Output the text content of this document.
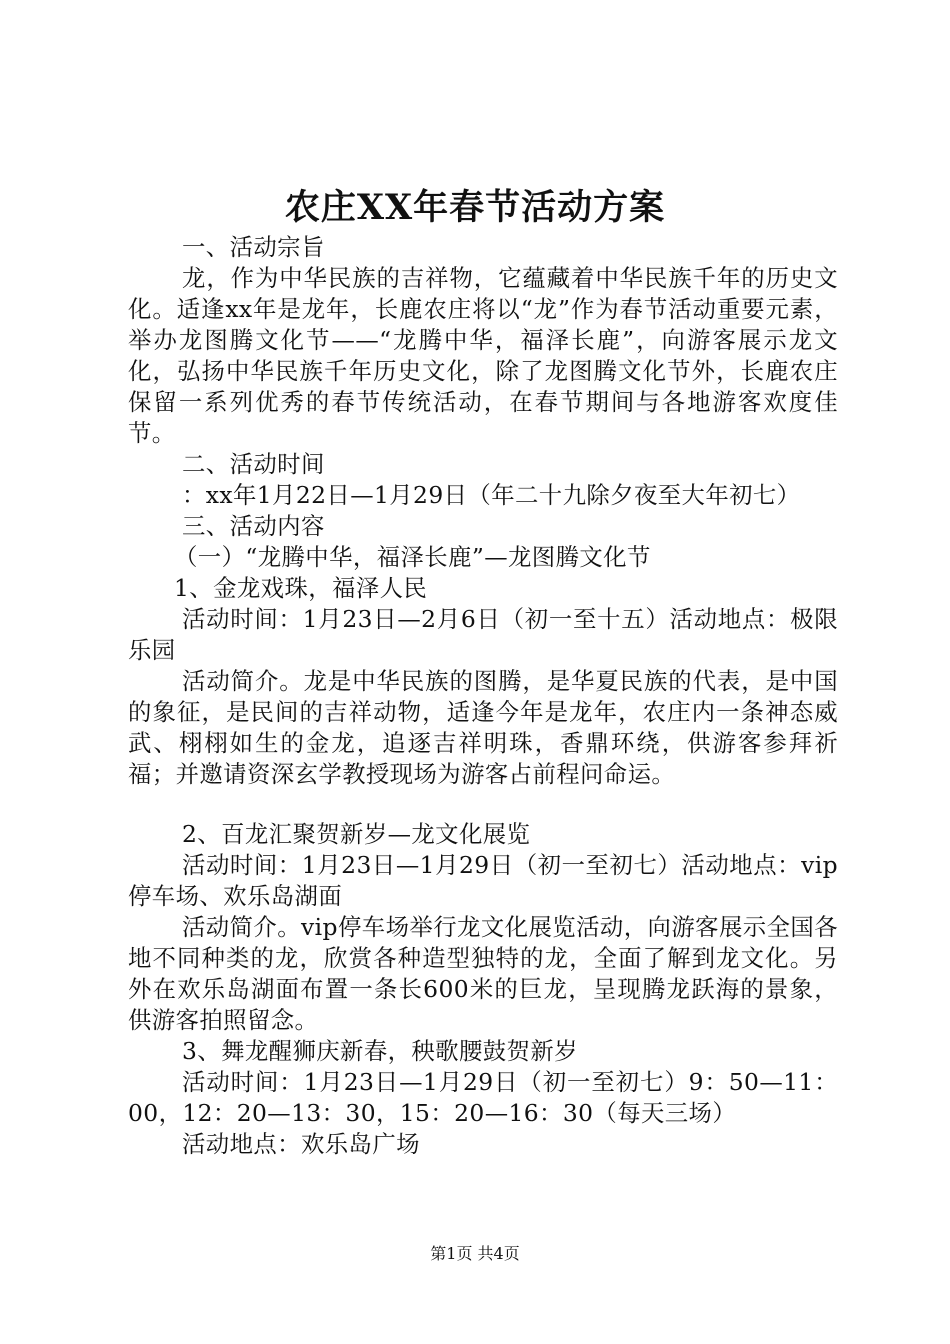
农庄XX年春节活动方案

一、活动宗旨

龙，作为中华民族的吉祥物，它蕴藏着中华民族千年的历史文化。适逢xx年是龙年，长鹿农庄将以“龙”作为春节活动重要元素，举办龙图腾文化节——“龙腾中华，福泽长鹿”，向游客展示龙文化，弘扬中华民族千年历史文化，除了龙图腾文化节外，长鹿农庄保留一系列优秀的春节传统活动，在春节期间与各地游客欢度佳节。

二、活动时间

：xx年1月22日—1月29日（年二十九除夕夜至大年初七）

三、活动内容

（一）“龙腾中华，福泽长鹿”—龙图腾文化节

1、金龙戏珠，福泽人民

活动时间：1月23日—2月6日（初一至十五）活动地点：极限乐园

活动简介。龙是中华民族的图腾，是华夏民族的代表，是中国的象征，是民间的吉祥动物，适逢今年是龙年，农庄内一条神态威武、栩栩如生的金龙，追逐吉祥明珠，香鼎环绕，供游客参拜祈福；并邀请资深玄学教授现场为游客占前程问命运。

2、百龙汇聚贺新岁—龙文化展览

活动时间：1月23日—1月29日（初一至初七）活动地点：vip停车场、欢乐岛湖面

活动简介。vip停车场举行龙文化展览活动，向游客展示全国各地不同种类的龙，欣赏各种造型独特的龙，全面了解到龙文化。另外在欢乐岛湖面布置一条长600米的巨龙，呈现腾龙跃海的景象，供游客拍照留念。

3、舞龙醒狮庆新春，秧歌腰鼓贺新岁

活动时间：1月23日—1月29日（初一至初七）9：50—11：00，12：20—13：30，15：20—16：30（每天三场）

活动地点：欢乐岛广场

第1页 共4页
